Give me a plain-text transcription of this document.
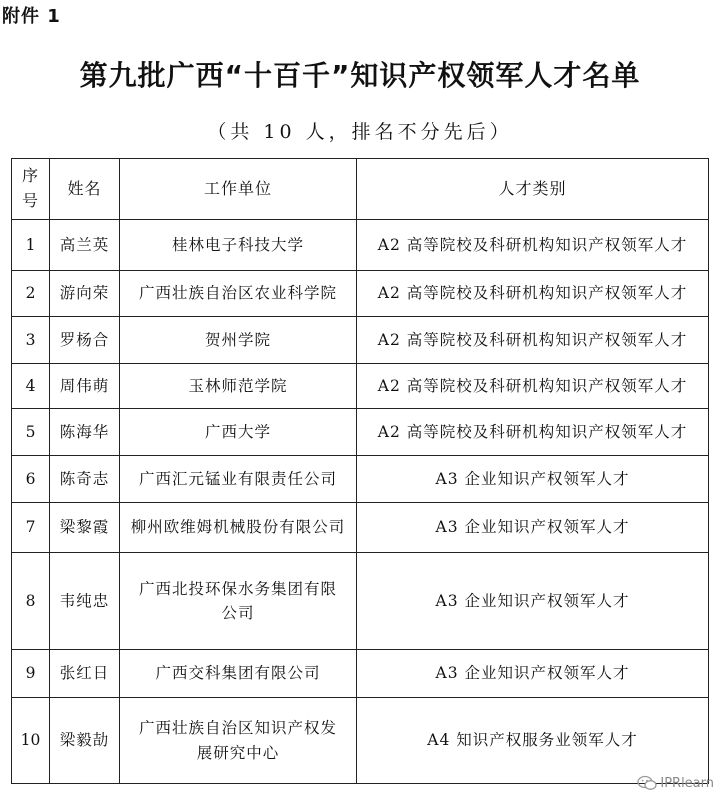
附件 1
第九批广西“十百千”知识产权领军人才名单
（共 10 人，排名不分先后）
序号	姓名	工作单位	人才类别
1	高兰英	桂林电子科技大学	A2 高等院校及科研机构知识产权领军人才
2	游向荣	广西壮族自治区农业科学院	A2 高等院校及科研机构知识产权领军人才
3	罗杨合	贺州学院	A2 高等院校及科研机构知识产权领军人才
4	周伟萌	玉林师范学院	A2 高等院校及科研机构知识产权领军人才
5	陈海华	广西大学	A2 高等院校及科研机构知识产权领军人才
6	陈奇志	广西汇元锰业有限责任公司	A3 企业知识产权领军人才
7	梁黎霞	柳州欧维姆机械股份有限公司	A3 企业知识产权领军人才
8	韦纯忠	广西北投环保水务集团有限公司	A3 企业知识产权领军人才
9	张红日	广西交科集团有限公司	A3 企业知识产权领军人才
10	梁毅劼	广西壮族自治区知识产权发展研究中心	A4 知识产权服务业领军人才
IPRlearn
